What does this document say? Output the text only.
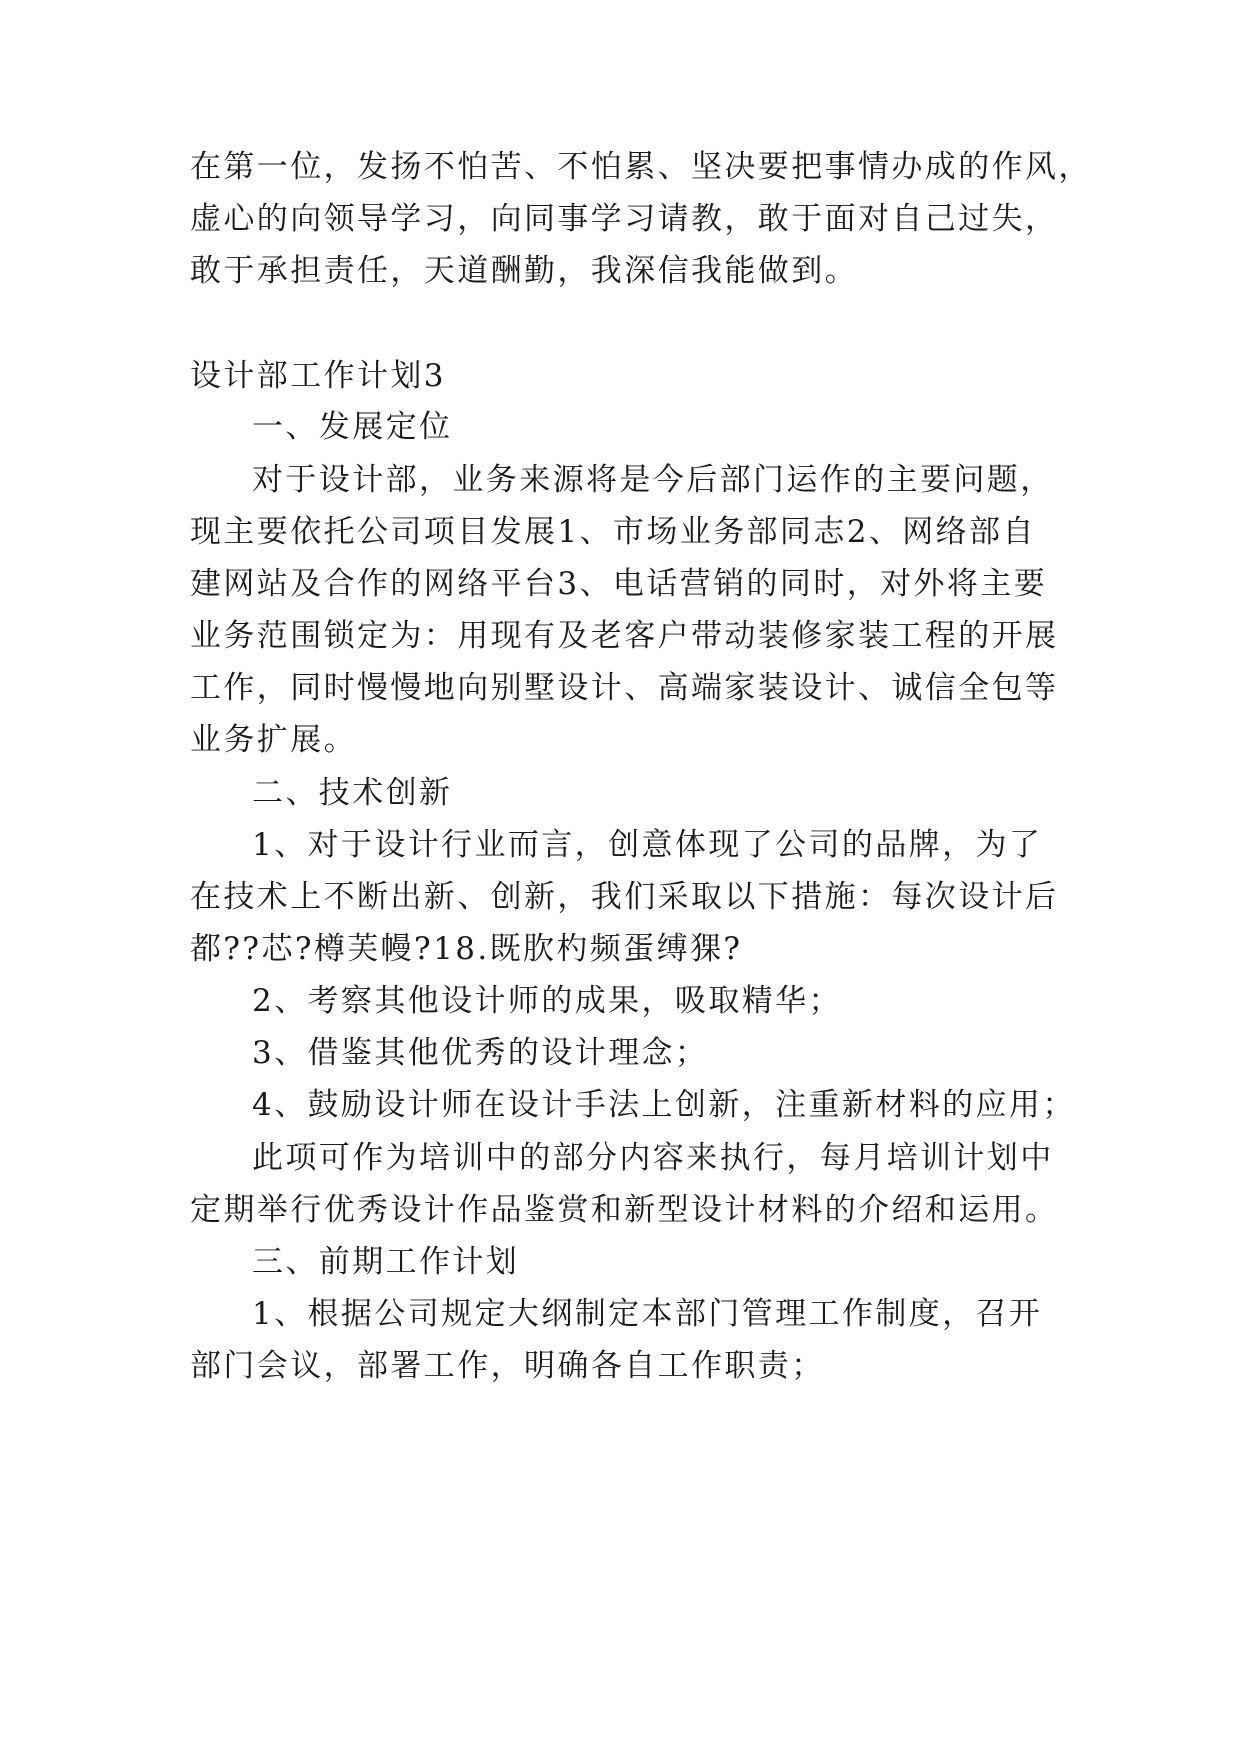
在第一位，发扬不怕苦、不怕累、坚决要把事情办成的作风，
虚心的向领导学习，向同事学习请教，敢于面对自己过失，
敢于承担责任，天道酬勤，我深信我能做到。
设计部工作计划3
一、发展定位
对于设计部，业务来源将是今后部门运作的主要问题，
现主要依托公司项目发展1、市场业务部同志2、网络部自
建网站及合作的网络平台3、电话营销的同时，对外将主要
业务范围锁定为：用现有及老客户带动装修家装工程的开展
工作，同时慢慢地向别墅设计、高端家装设计、诚信全包等
业务扩展。
二、技术创新
1、对于设计行业而言，创意体现了公司的品牌，为了
在技术上不断出新、创新，我们采取以下措施：每次设计后
都??芯?樽芙幔?18.既肷杓频蛋缚猓?
2、考察其他设计师的成果，吸取精华；
3、借鉴其他优秀的设计理念；
4、鼓励设计师在设计手法上创新，注重新材料的应用；
此项可作为培训中的部分内容来执行，每月培训计划中
定期举行优秀设计作品鉴赏和新型设计材料的介绍和运用。
三、前期工作计划
1、根据公司规定大纲制定本部门管理工作制度，召开
部门会议，部署工作，明确各自工作职责；
